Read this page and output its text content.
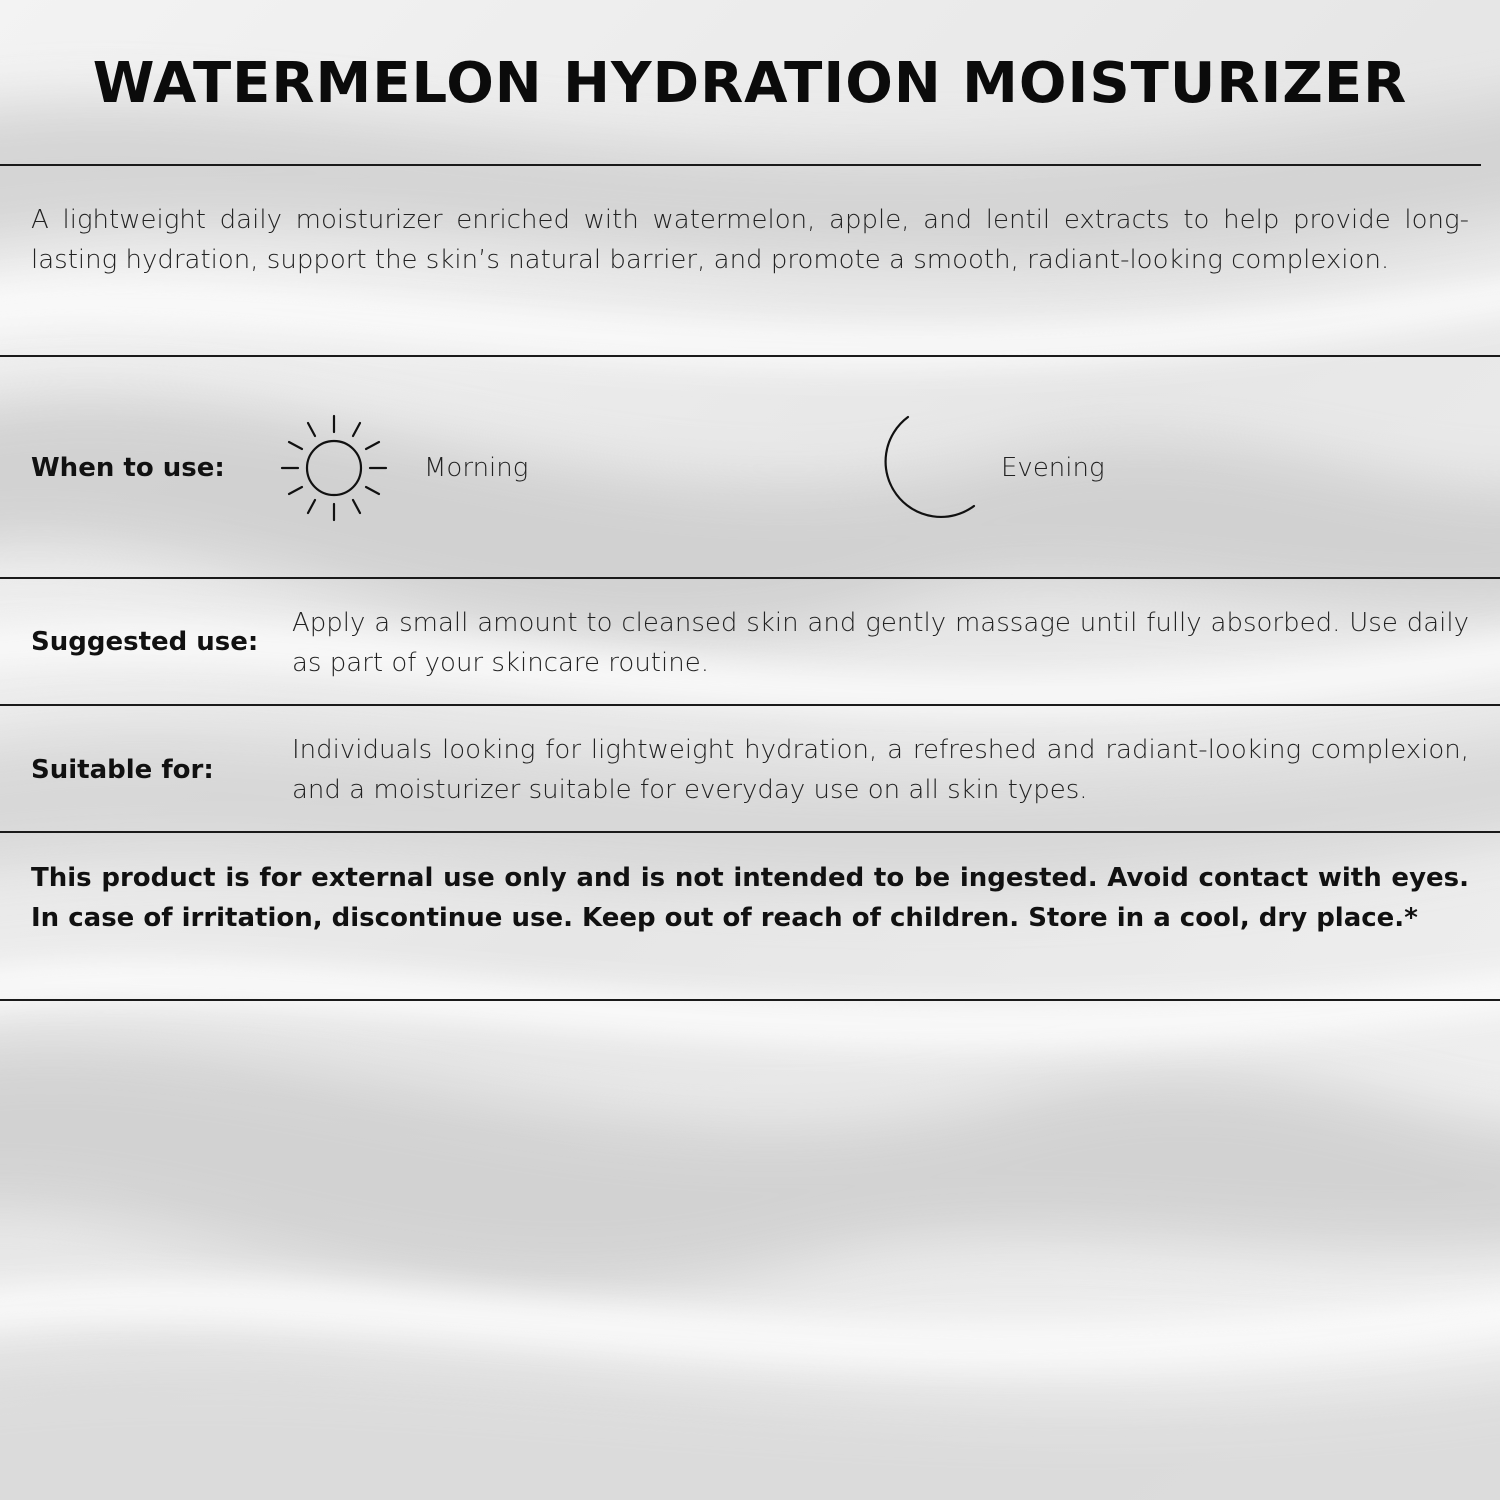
WATERMELON HYDRATION MOISTURIZER

A lightweight daily moisturizer enriched with watermelon, apple, and lentil extracts to help provide long-lasting hydration, support the skin’s natural barrier, and promote a smooth, radiant-looking complexion.

When to use:	Morning	Evening
Suggested use:

Apply a small amount to cleansed skin and gently massage until fully absorbed. Use daily as part of your skincare routine.

Suitable for:

Individuals looking for lightweight hydration, a refreshed and radiant-looking complexion, and a moisturizer suitable for everyday use on all skin types.

This product is for external use only and is not intended to be ingested. Avoid contact with eyes. In case of irritation, discontinue use. Keep out of reach of children. Store in a cool, dry place.*
